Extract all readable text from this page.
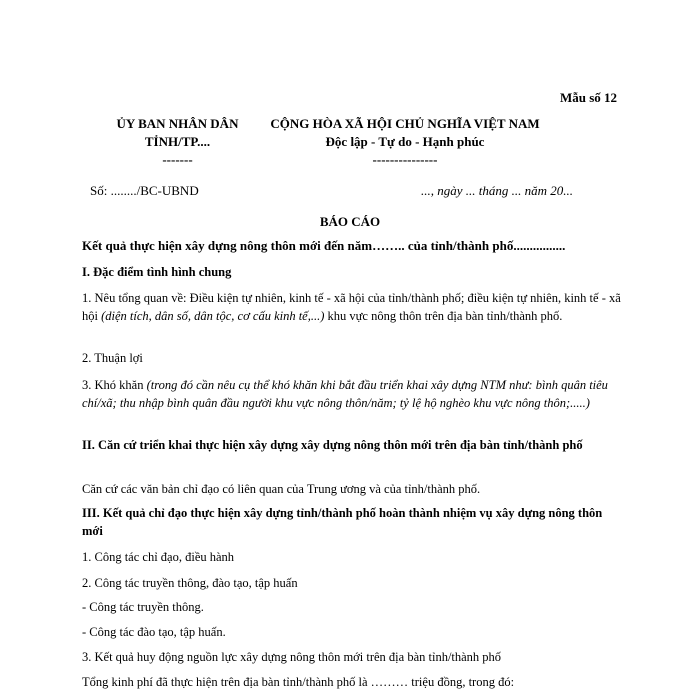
Mẫu số 12
ỦY BAN NHÂN DÂN
TỈNH/TP....
-------
CỘNG HÒA XÃ HỘI CHỦ NGHĨA VIỆT NAM
Độc lập - Tự do - Hạnh phúc
---------------
Số: ......../BC-UBND	..., ngày ... tháng ... năm 20...
BÁO CÁO
Kết quả thực hiện xây dựng nông thôn mới đến năm…….. của tỉnh/thành phố................

I. Đặc điểm tình hình chung

1. Nêu tổng quan về: Điều kiện tự nhiên, kinh tế - xã hội của tỉnh/thành phố; điều kiện tự nhiên, kinh tế - xã hội (diện tích, dân số, dân tộc, cơ cấu kinh tế,...) khu vực nông thôn trên địa bàn tỉnh/thành phố.

2. Thuận lợi

3. Khó khăn (trong đó cần nêu cụ thể khó khăn khi bắt đầu triển khai xây dựng NTM như: bình quân tiêu chí/xã; thu nhập bình quân đầu người khu vực nông thôn/năm; tỷ lệ hộ nghèo khu vực nông thôn;.....)

II. Căn cứ triển khai thực hiện xây dựng xây dựng nông thôn mới trên địa bàn tỉnh/thành phố

Căn cứ các văn bản chỉ đạo có liên quan của Trung ương và của tỉnh/thành phố.

III. Kết quả chỉ đạo thực hiện xây dựng tỉnh/thành phố hoàn thành nhiệm vụ xây dựng nông thôn mới

1. Công tác chỉ đạo, điều hành

2. Công tác truyền thông, đào tạo, tập huấn

- Công tác truyền thông.

- Công tác đào tạo, tập huấn.

3. Kết quả huy động nguồn lực xây dựng nông thôn mới trên địa bàn tỉnh/thành phố

Tổng kinh phí đã thực hiện trên địa bàn tỉnh/thành phố là ……… triệu đồng, trong đó:
